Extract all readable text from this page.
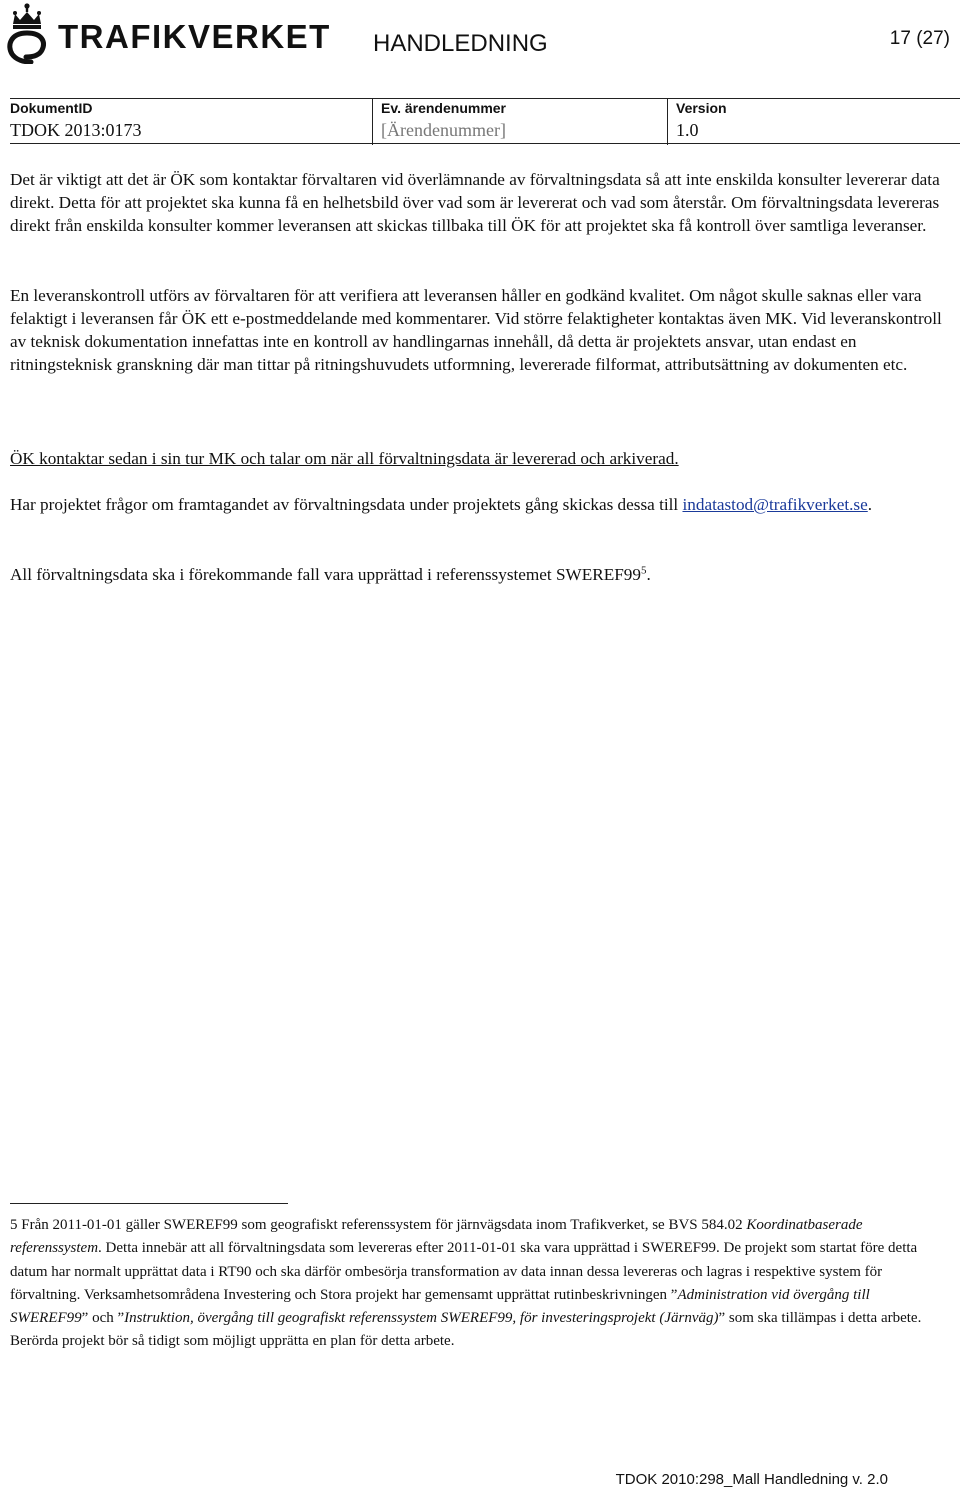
TRAFIKVERKET HANDLEDNING	17 (27)
DokumentID
TDOK 2013:0173
Ev. ärendenummer
[Ärendenummer]
Version
1.0

Det är viktigt att det är ÖK som kontaktar förvaltaren vid överlämnande av förvaltningsdata så att inte enskilda konsulter levererar data direkt. Detta för att projektet ska kunna få en helhetsbild över vad som är levererat och vad som återstår. Om förvaltningsdata levereras direkt från enskilda konsulter kommer leveransen att skickas tillbaka till ÖK för att projektet ska få kontroll över samtliga leveranser.

En leveranskontroll utförs av förvaltaren för att verifiera att leveransen håller en godkänd kvalitet. Om något skulle saknas eller vara felaktigt i leveransen får ÖK ett e-postmeddelande med kommentarer. Vid större felaktigheter kontaktas även MK. Vid leveranskontroll av teknisk dokumentation innefattas inte en kontroll av handlingarnas innehåll, då detta är projektets ansvar, utan endast en ritningsteknisk granskning där man tittar på ritningshuvudets utformning, levererade filformat, attributsättning av dokumenten etc.

ÖK kontaktar sedan i sin tur MK och talar om när all förvaltningsdata är levererad och arkiverad.

Har projektet frågor om framtagandet av förvaltningsdata under projektets gång skickas dessa till indatastod@trafikverket.se.

All förvaltningsdata ska i förekommande fall vara upprättad i referenssystemet $SWEREF99^5$.

5 Från 2011-01-01 gäller SWEREF99 som geografiskt referenssystem för järnvägsdata inom Trafikverket, se BVS 584.02 Koordinatbaserade referenssystem. Detta innebär att all förvaltningsdata som levereras efter 2011-01-01 ska vara upprättad i SWEREF99. De projekt som startat före detta datum har normalt upprättat data i RT90 och ska därför ombesörja transformation av data innan dessa levereras och lagras i respektive system för förvaltning. Verksamhetsområdena Investering och Stora projekt har gemensamt upprättat rutinbeskrivningen ”Administration vid övergång till SWEREF99” och ”Instruktion, övergång till geografiskt referenssystem SWEREF99, för investeringsprojekt (Järnväg)” som ska tillämpas i detta arbete. Berörda projekt bör så tidigt som möjligt upprätta en plan för detta arbete.

TDOK 2010:298_Mall Handledning v. 2.0
